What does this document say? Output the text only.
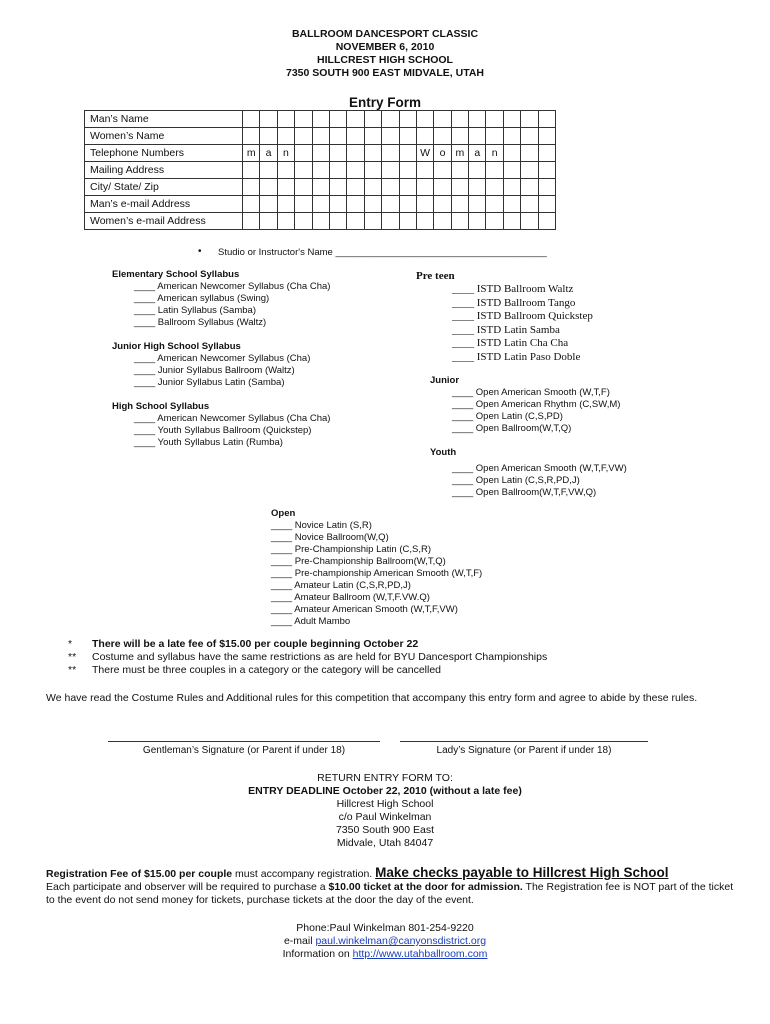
BALLROOM DANCESPORT CLASSIC
NOVEMBER 6, 2010
HILLCREST HIGH SCHOOL
7350 SOUTH 900 EAST MIDVALE, UTAH
Entry Form
Man’s Name																		
Women’s Name																		
Telephone Numbers	m	a	n								W	o	m	a	n			
Mailing Address																		
City/ State/ Zip																		
Man’s e-mail Address																		
Women’s e-mail Address																		
• Studio or Instructor's Name ________________________________________
Elementary School Syllabus
____ American Newcomer Syllabus (Cha Cha)
____ American syllabus (Swing)
____ Latin Syllabus (Samba)
____ Ballroom Syllabus (Waltz)
Junior High School Syllabus
____ American Newcomer Syllabus (Cha)
____ Junior Syllabus Ballroom (Waltz)
____ Junior Syllabus Latin (Samba)
High School Syllabus
____ American Newcomer Syllabus (Cha Cha)
____ Youth Syllabus Ballroom (Quickstep)
____ Youth Syllabus Latin (Rumba)
Pre teen
____ ISTD Ballroom Waltz
____ ISTD Ballroom Tango
____ ISTD Ballroom Quickstep
____ ISTD Latin Samba
____ ISTD Latin Cha Cha
____ ISTD Latin Paso Doble
Junior
____ Open American Smooth (W,T,F)
____ Open American Rhythm (C,SW,M)
____ Open Latin (C,S,PD)
____ Open Ballroom(W,T,Q)
Youth
____ Open American Smooth (W,T,F,VW)
____ Open Latin (C,S,R,PD,J)
____ Open Ballroom(W,T,F,VW,Q)
Open
____ Novice Latin (S,R)
____ Novice Ballroom(W,Q)
____ Pre-Championship Latin (C,S,R)
____ Pre-Championship Ballroom(W,T,Q)
____ Pre-championship American Smooth (W,T,F)
____ Amateur Latin (C,S,R,PD,J)
____ Amateur Ballroom (W,T,F.VW.Q)
____ Amateur American Smooth (W,T,F,VW)
____ Adult Mambo
*	There will be a late fee of $15.00 per couple beginning October 22
**	Costume and syllabus have the same restrictions as are held for BYU Dancesport Championships
**	There must be three couples in a category or the category will be cancelled
We have read the Costume Rules and Additional rules for this competition that accompany this entry form and agree to abide by these rules.
Gentleman’s Signature (or Parent if under 18)	Lady’s Signature (or Parent if under 18)
RETURN ENTRY FORM TO:
ENTRY DEADLINE October 22, 2010 (without a late fee)
Hillcrest High School
c/o Paul Winkelman
7350 South 900 East
Midvale, Utah 84047
Registration Fee of $15.00 per couple must accompany registration. Make checks payable to Hillcrest High School
Each participate and observer will be required to purchase a $10.00 ticket at the door for admission. The Registration fee is NOT part of the ticket to the event do not send money for tickets, purchase tickets at the door the day of the event.
Phone:Paul Winkelman 801-254-9220
e-mail paul.winkelman@canyonsdistrict.org
Information on http://www.utahballroom.com
